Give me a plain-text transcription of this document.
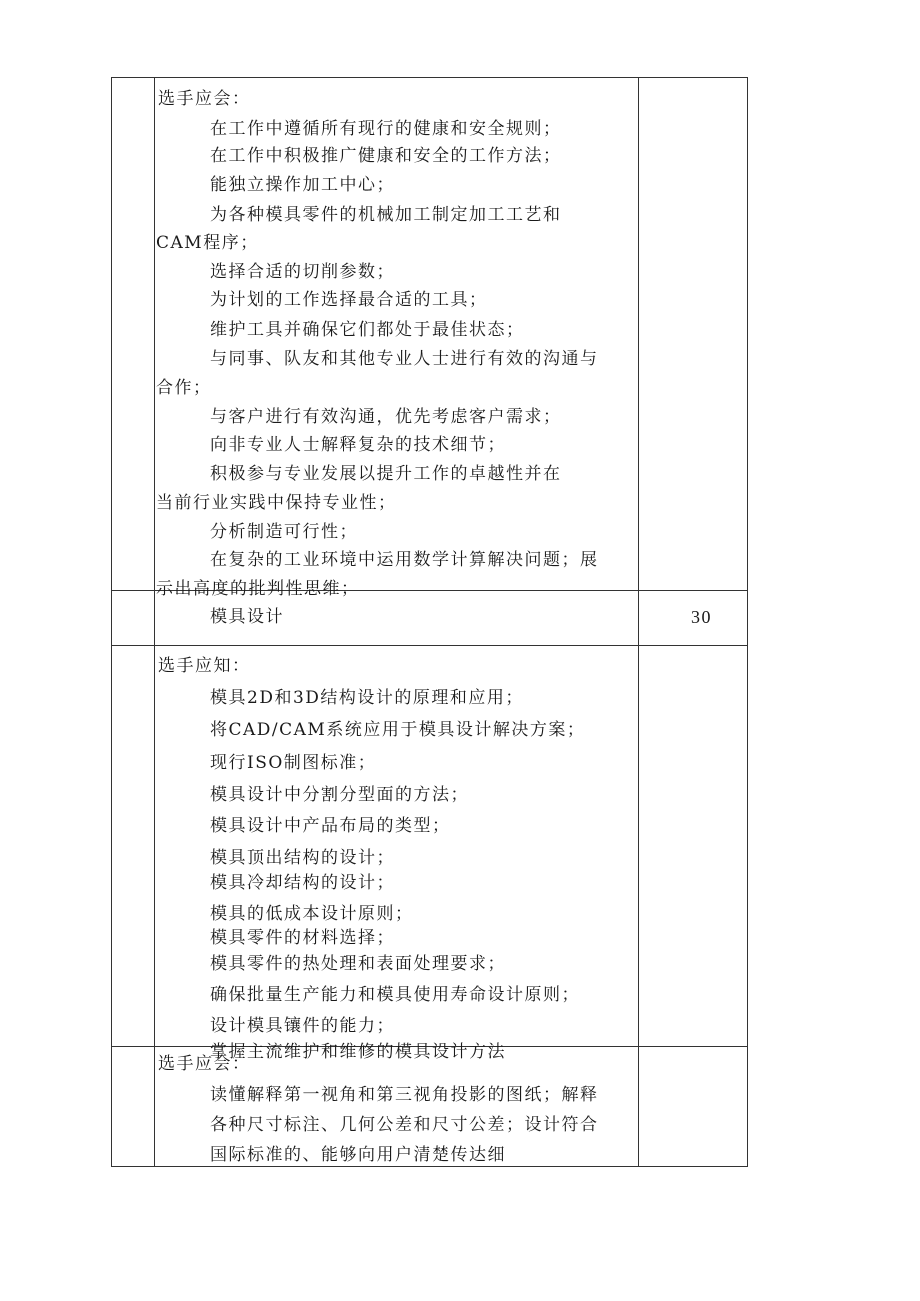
选手应会：
在工作中遵循所有现行的健康和安全规则；
在工作中积极推广健康和安全的工作方法；
能独立操作加工中心；
为各种模具零件的机械加工制定加工工艺和
CAM程序；
选择合适的切削参数；
为计划的工作选择最合适的工具；
维护工具并确保它们都处于最佳状态；
与同事、队友和其他专业人士进行有效的沟通与
合作；
与客户进行有效沟通，优先考虑客户需求；
向非专业人士解释复杂的技术细节；
积极参与专业发展以提升工作的卓越性并在
当前行业实践中保持专业性；
分析制造可行性；
在复杂的工业环境中运用数学计算解决问题；展
示出高度的批判性思维；
模具设计	30
选手应知：
模具2D和3D结构设计的原理和应用；
将CAD/CAM系统应用于模具设计解决方案；
现行ISO制图标准；
模具设计中分割分型面的方法；
模具设计中产品布局的类型；
模具顶出结构的设计；
模具冷却结构的设计；
模具的低成本设计原则；
模具零件的材料选择；
模具零件的热处理和表面处理要求；
确保批量生产能力和模具使用寿命设计原则；
设计模具镶件的能力；
掌握主流维护和维修的模具设计方法
选手应会：
读懂解释第一视角和第三视角投影的图纸；解释
各种尺寸标注、几何公差和尺寸公差；设计符合
国际标准的、能够向用户清楚传达细
